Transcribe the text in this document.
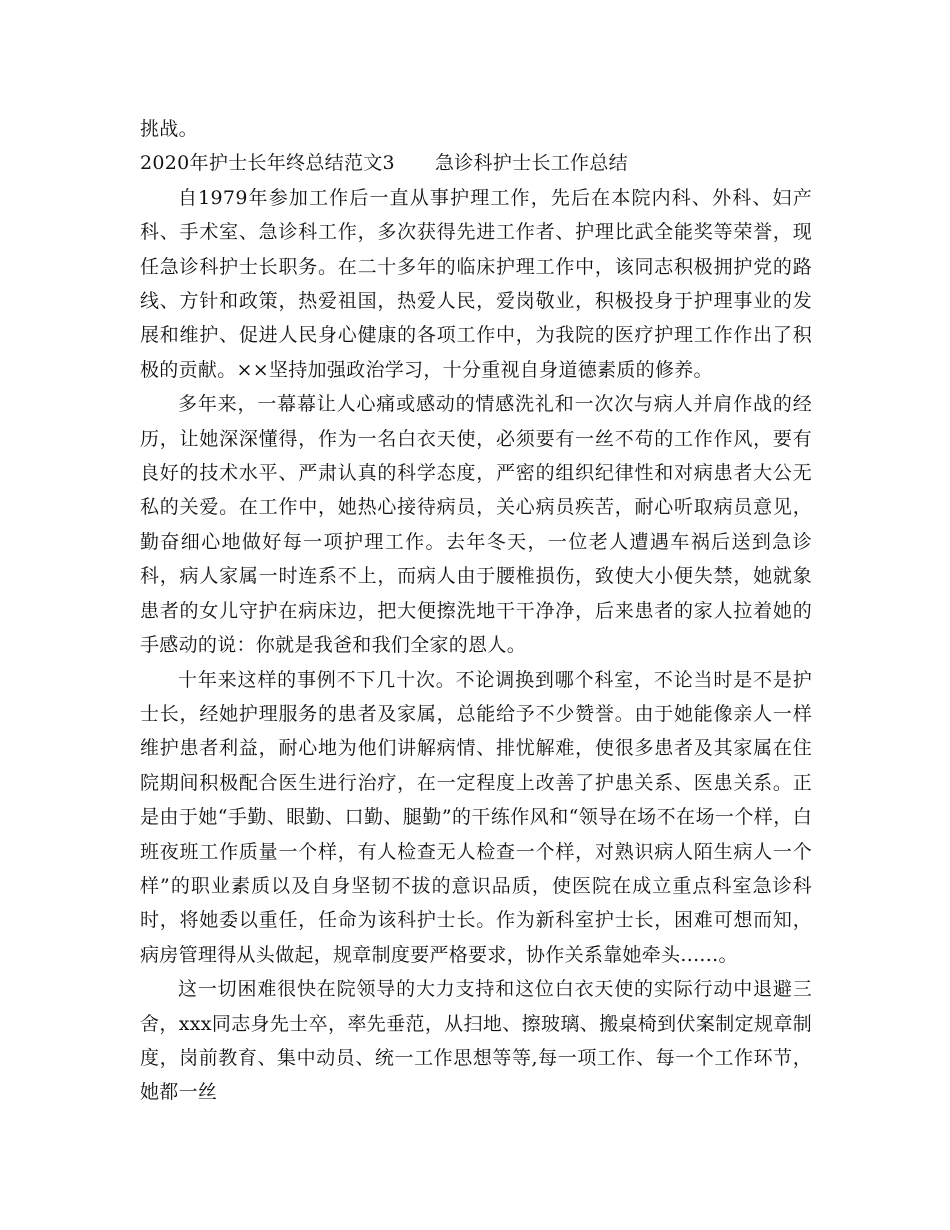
挑战。

2020年护士长年终总结范文3 急诊科护士长工作总结

自1979年参加工作后一直从事护理工作，先后在本院内科、外科、妇产科、手术室、急诊科工作，多次获得先进工作者、护理比武全能奖等荣誉，现任急诊科护士长职务。在二十多年的临床护理工作中，该同志积极拥护党的路线、方针和政策，热爱祖国，热爱人民，爱岗敬业，积极投身于护理事业的发展和维护、促进人民身心健康的各项工作中，为我院的医疗护理工作作出了积极的贡献。××坚持加强政治学习，十分重视自身道德素质的修养。

多年来，一幕幕让人心痛或感动的情感洗礼和一次次与病人并肩作战的经历，让她深深懂得，作为一名白衣天使，必须要有一丝不苟的工作作风，要有良好的技术水平、严肃认真的科学态度，严密的组织纪律性和对病患者大公无私的关爱。在工作中，她热心接待病员，关心病员疾苦，耐心听取病员意见，勤奋细心地做好每一项护理工作。去年冬天，一位老人遭遇车祸后送到急诊科，病人家属一时连系不上，而病人由于腰椎损伤，致使大小便失禁，她就象患者的女儿守护在病床边，把大便擦洗地干干净净，后来患者的家人拉着她的手感动的说：你就是我爸和我们全家的恩人。

十年来这样的事例不下几十次。不论调换到哪个科室，不论当时是不是护士长，经她护理服务的患者及家属，总能给予不少赞誉。由于她能像亲人一样维护患者利益，耐心地为他们讲解病情、排忧解难，使很多患者及其家属在住院期间积极配合医生进行治疗，在一定程度上改善了护患关系、医患关系。正是由于她“手勤、眼勤、口勤、腿勤”的干练作风和“领导在场不在场一个样，白班夜班工作质量一个样，有人检查无人检查一个样，对熟识病人陌生病人一个样”的职业素质以及自身坚韧不拔的意识品质，使医院在成立重点科室急诊科时，将她委以重任，任命为该科护士长。作为新科室护士长，困难可想而知，病房管理得从头做起，规章制度要严格要求，协作关系靠她牵头......。

这一切困难很快在院领导的大力支持和这位白衣天使的实际行动中退避三舍，xxx同志身先士卒，率先垂范，从扫地、擦玻璃、搬桌椅到伏案制定规章制度，岗前教育、集中动员、统一工作思想等等,每一项工作、每一个工作环节，她都一丝
